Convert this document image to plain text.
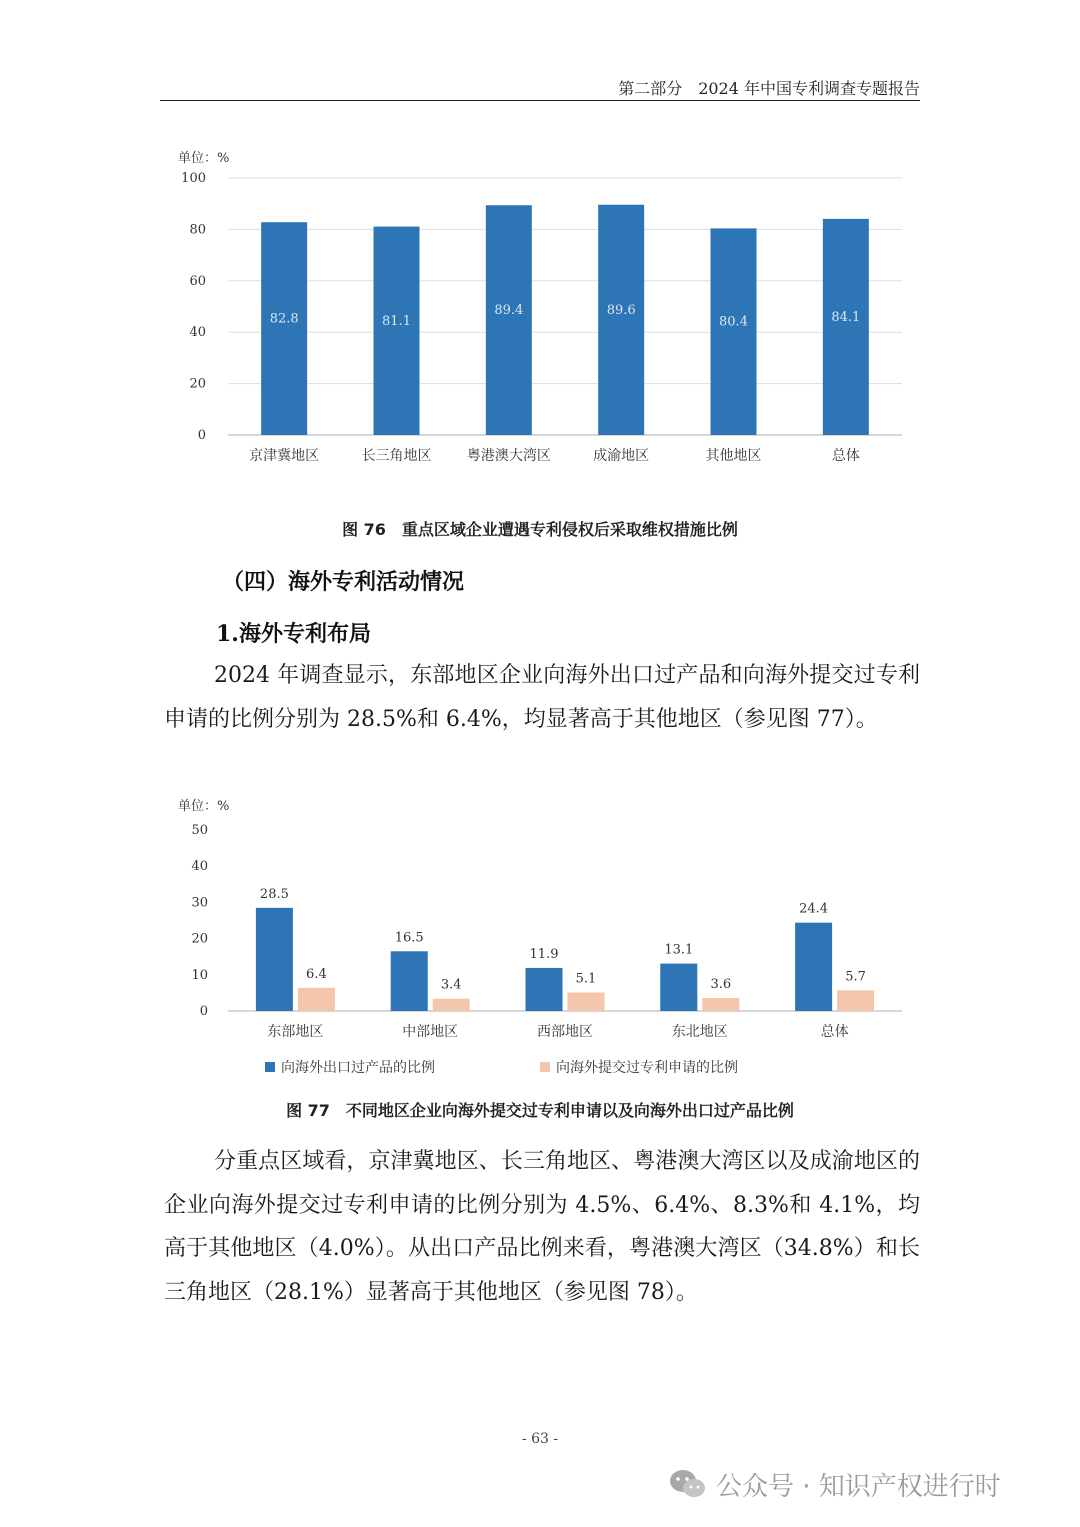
第二部分　2024 年中国专利调查专题报告
单位：%
0
20
40
60
80
100
82.8
京津冀地区
81.1
长三角地区
89.4
粤港澳大湾区
89.6
成渝地区
80.4
其他地区
84.1
总体
图 76　重点区域企业遭遇专利侵权后采取维权措施比例
（四）海外专利活动情况
1.海外专利布局
2024 年调查显示，东部地区企业向海外出口过产品和向海外提交过专利申请的比例分别为 28.5%和 6.4%，均显著高于其他地区（参见图 77）。
单位：%
0
10
20
30
40
50
28.5
6.4
东部地区
16.5
3.4
中部地区
11.9
5.1
西部地区
13.1
3.6
东北地区
24.4
5.7
总体
向海外出口过产品的比例	向海外提交过专利申请的比例
图 77　不同地区企业向海外提交过专利申请以及向海外出口过产品比例
分重点区域看，京津冀地区、长三角地区、粤港澳大湾区以及成渝地区的企业向海外提交过专利申请的比例分别为 4.5%、6.4%、8.3%和 4.1%，均高于其他地区（4.0%）。从出口产品比例来看，粤港澳大湾区（34.8%）和长三角地区（28.1%）显著高于其他地区（参见图 78）。
- 63 -
公众号 · 知识产权进行时
